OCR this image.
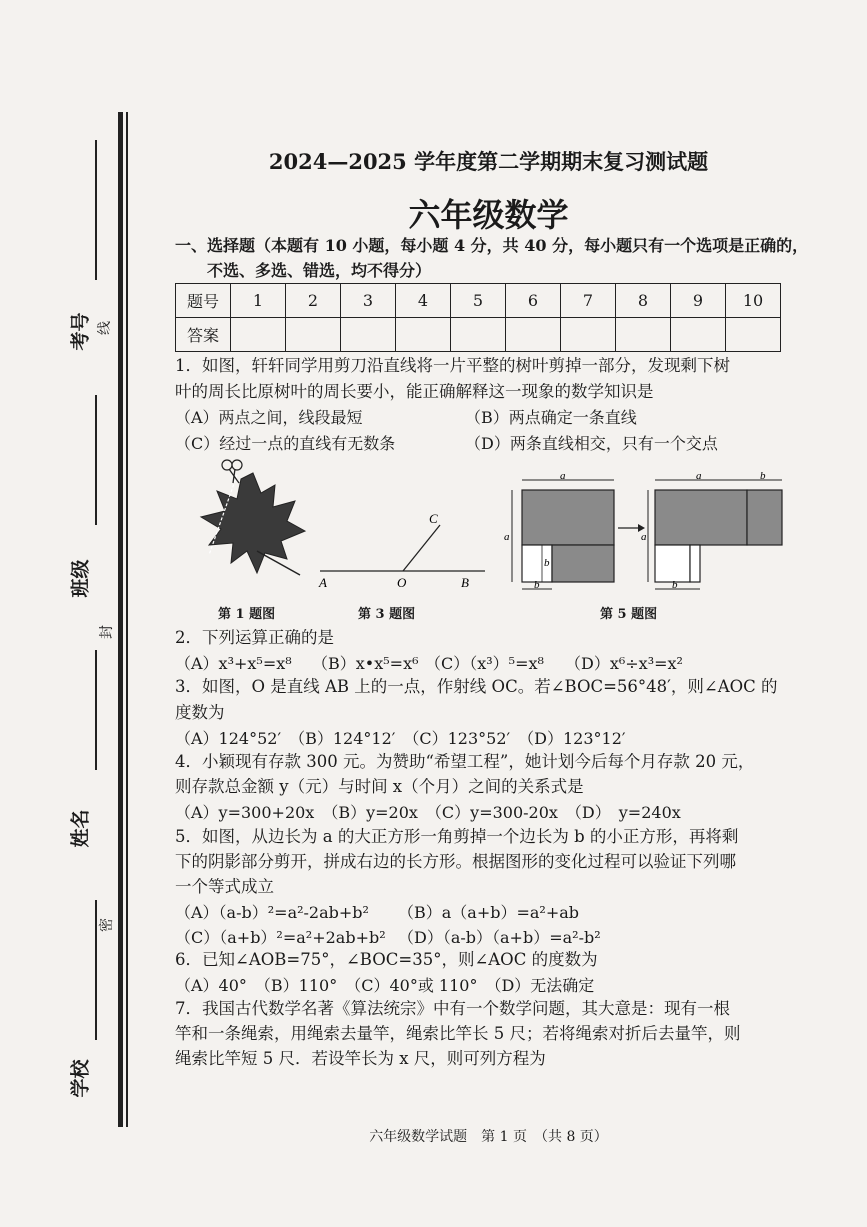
考号 线
班级
封
姓名
密
学校
2024—2025 学年度第二学期期末复习测试题
六年级数学
一、选择题（本题有 10 小题，每小题 4 分，共 40 分，每小题只有一个选项是正确的，
不选、多选、错选，均不得分）
题号	1	2	3	4	5	6	7	8	9	10
答案										
1．如图，轩轩同学用剪刀沿直线将一片平整的树叶剪掉一部分，发现剩下树
叶的周长比原树叶的周长要小，能正确解释这一现象的数学知识是
（A）两点之间，线段最短	（B）两点确定一条直线
（C）经过一点的直线有无数条	（D）两条直线相交，只有一个交点
A	O	B
C
a
a
b
b
a	b
a
b
第 1 题图	第 3 题图	第 5 题图
2．下列运算正确的是
（A）x³+x⁵=x⁸ （B）x•x⁵=x⁶ （C）（x³）⁵=x⁸ （D）x⁶÷x³=x²
3．如图，O 是直线 AB 上的一点，作射线 OC。若∠BOC=56°48′，则∠AOC 的
度数为
（A）124°52′　（B）124°12′　（C）123°52′　（D）123°12′
4．小颖现有存款 300 元。为赞助“希望工程”，她计划今后每个月存款 20 元，
则存款总金额 y（元）与时间 x（个月）之间的关系式是
（A）y=300+20x　（B）y=20x　（C）y=300-20x　（D）　y=240x
5．如图，从边长为 a 的大正方形一角剪掉一个边长为 b 的小正方形，再将剩
下的阴影部分剪开，拼成右边的长方形。根据图形的变化过程可以验证下列哪
一个等式成立
（A）（a-b）²=a²-2ab+b² （B）a（a+b）=a²+ab
（C）（a+b）²=a²+2ab+b² （D）（a-b）（a+b）=a²-b²
6．已知∠AOB=75°，∠BOC=35°，则∠AOC 的度数为
（A）40°　（B）110°　（C）40°或 110°　（D）无法确定
7．我国古代数学名著《算法统宗》中有一个数学问题，其大意是：现有一根
竿和一条绳索，用绳索去量竿，绳索比竿长 5 尺；若将绳索对折后去量竿，则
绳索比竿短 5 尺．若设竿长为 x 尺，则可列方程为
六年级数学试题　第 1 页　（共 8 页）
